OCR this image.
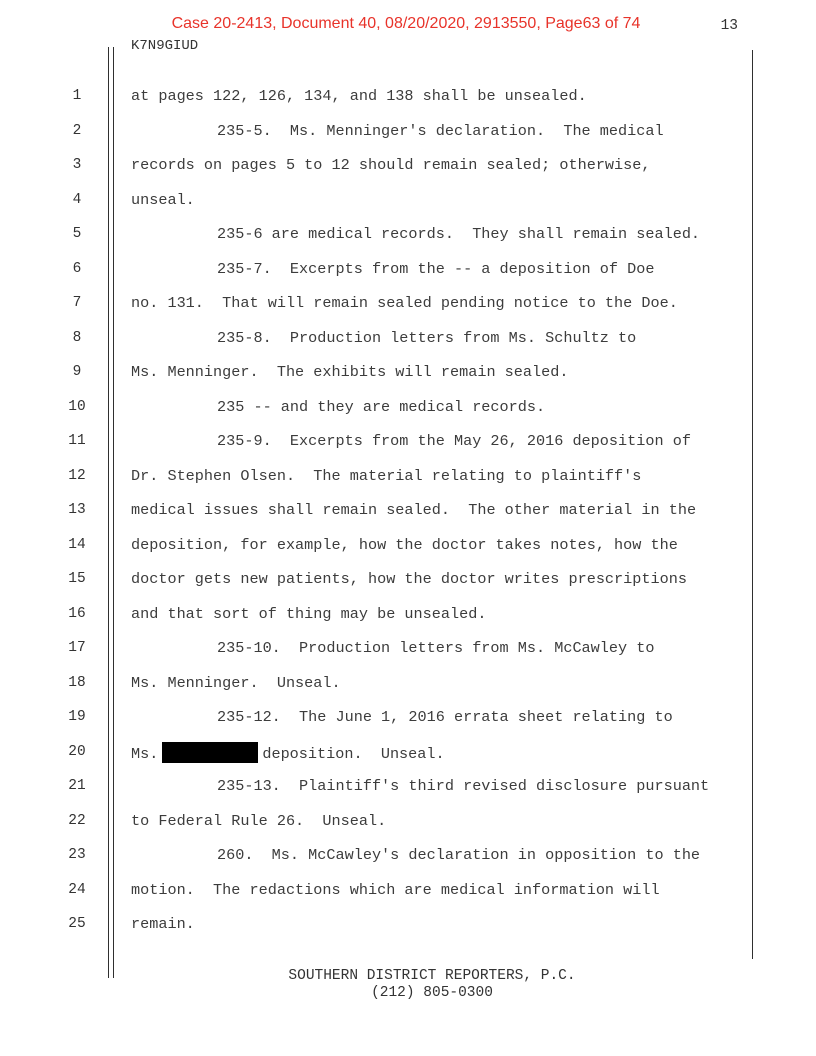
Case 20-2413, Document 40, 08/20/2020, 2913550, Page63 of 74	13
K7N9GIUD
1	at pages 122, 126, 134, and 138 shall be unsealed.
2	235-5.  Ms. Menninger's declaration.  The medical
3	records on pages 5 to 12 should remain sealed; otherwise,
4	unseal.
5	235-6 are medical records.  They shall remain sealed.
6	235-7.  Excerpts from the -- a deposition of Doe
7	no. 131.  That will remain sealed pending notice to the Doe.
8	235-8.  Production letters from Ms. Schultz to
9	Ms. Menninger.  The exhibits will remain sealed.
10	235 -- and they are medical records.
11	235-9.  Excerpts from the May 26, 2016 deposition of
12	Dr. Stephen Olsen.  The material relating to plaintiff's
13	medical issues shall remain sealed.  The other material in the
14	deposition, for example, how the doctor takes notes, how the
15	doctor gets new patients, how the doctor writes prescriptions
16	and that sort of thing may be unsealed.
17	235-10.  Production letters from Ms. McCawley to
18	Ms. Menninger.  Unseal.
19	235-12.  The June 1, 2016 errata sheet relating to
20	Ms.	deposition.  Unseal.
21	235-13.  Plaintiff's third revised disclosure pursuant
22	to Federal Rule 26.  Unseal.
23	260.  Ms. McCawley's declaration in opposition to the
24	motion.  The redactions which are medical information will
25	remain.
SOUTHERN DISTRICT REPORTERS, P.C.
(212) 805-0300
